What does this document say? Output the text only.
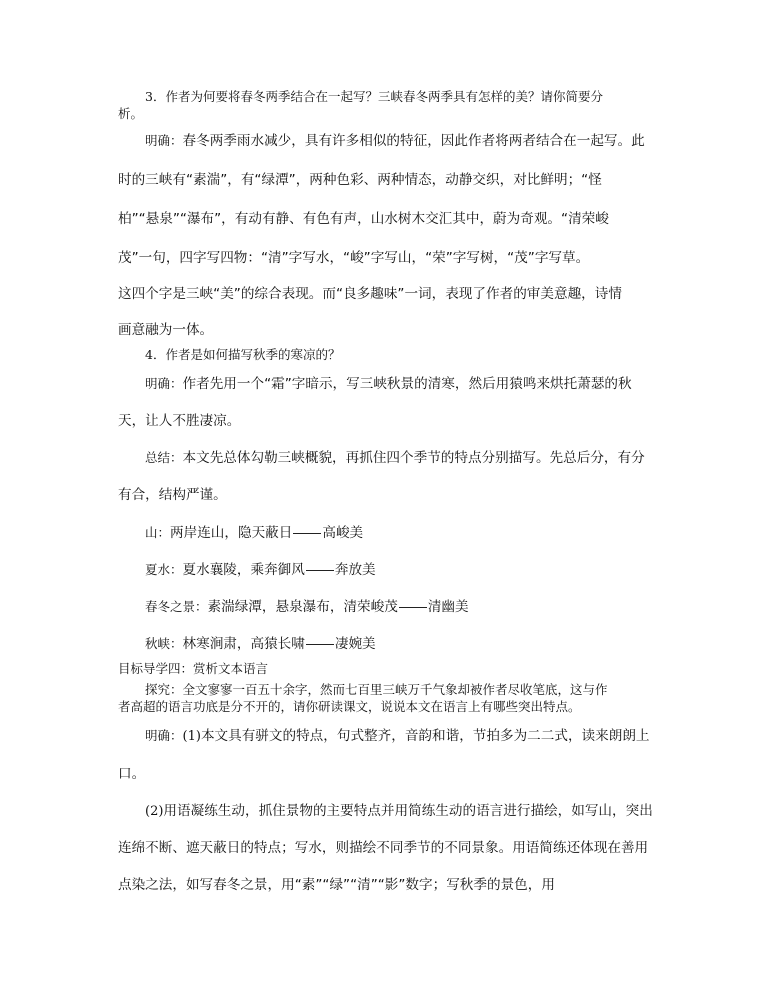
3．作者为何要将春冬两季结合在一起写？三峡春冬两季具有怎样的美？请你简要分

析。

明确：春冬两季雨水减少，具有许多相似的特征，因此作者将两者结合在一起写。此

时的三峡有“素湍”，有“绿潭”，两种色彩、两种情态，动静交织，对比鲜明；“怪

柏”“悬泉”“瀑布”，有动有静、有色有声，山水树木交汇其中，蔚为奇观。“清荣峻

茂”一句，四字写四物：“清”字写水，“峻”字写山，“荣”字写树，“茂”字写草。

这四个字是三峡“美”的综合表现。而“良多趣味”一词，表现了作者的审美意趣，诗情

画意融为一体。

4．作者是如何描写秋季的寒凉的？

明确：作者先用一个“霜”字暗示，写三峡秋景的清寒，然后用猿鸣来烘托萧瑟的秋

天，让人不胜凄凉。

总结：本文先总体勾勒三峡概貌，再抓住四个季节的特点分别描写。先总后分，有分

有合，结构严谨。

山：两岸连山，隐天蔽日 高峻美

夏水：夏水襄陵，乘奔御风 奔放美

春冬之景：素湍绿潭，悬泉瀑布，清荣峻茂 清幽美

秋峡：林寒涧肃，高猿长啸 凄婉美

目标导学四：赏析文本语言

探究：全文寥寥一百五十余字，然而七百里三峡万千气象却被作者尽收笔底，这与作

者高超的语言功底是分不开的，请你研读课文，说说本文在语言上有哪些突出特点。

明确：(1)本文具有骈文的特点，句式整齐，音韵和谐，节拍多为二二式，读来朗朗上

口。

(2)用语凝练生动，抓住景物的主要特点并用简练生动的语言进行描绘，如写山，突出

连绵不断、遮天蔽日的特点；写水，则描绘不同季节的不同景象。用语简练还体现在善用

点染之法，如写春冬之景，用“素”“绿”“清”“影”数字；写秋季的景色，用
